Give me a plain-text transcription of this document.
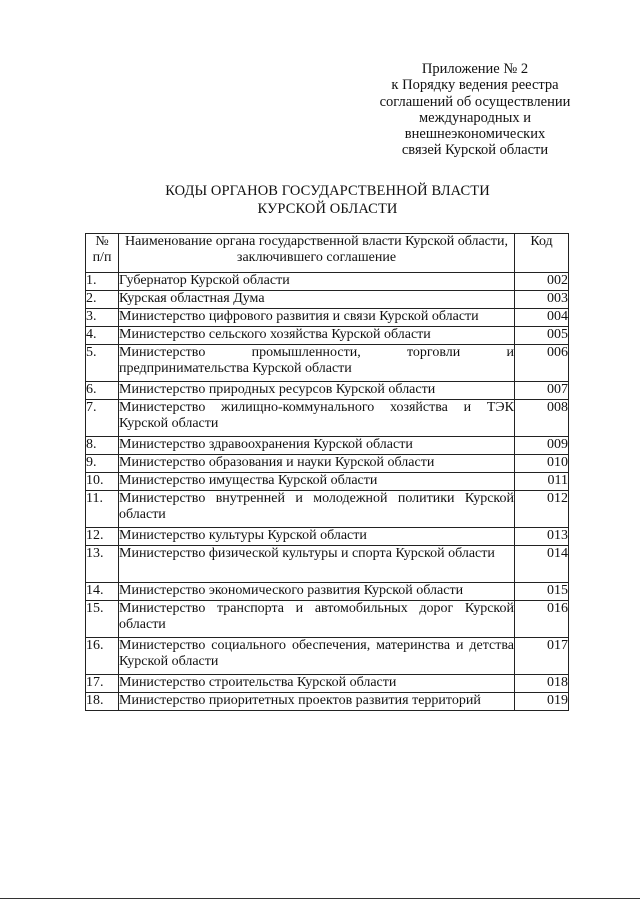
Приложение № 2
к Порядку ведения реестра
соглашений об осуществлении
международных и
внешнеэкономических
связей Курской области
КОДЫ ОРГАНОВ ГОСУДАРСТВЕННОЙ ВЛАСТИ
КУРСКОЙ ОБЛАСТИ
№
п/п	Наименование органа государственной власти Курской области, заключившего соглашение	Код
1.	Губернатор Курской области	002
2.	Курская областная Дума	003
3.	Министерство цифрового развития и связи Курской области	004
4.	Министерство сельского хозяйства Курской области	005
5.	Министерство промышленности, торговли и предпринимательства Курской области	006
6.	Министерство природных ресурсов Курской области	007
7.	Министерство жилищно-коммунального хозяйства и ТЭК Курской области	008
8.	Министерство здравоохранения Курской области	009
9.	Министерство образования и науки Курской области	010
10.	Министерство имущества Курской области	011
11.	Министерство внутренней и молодежной политики Курской области	012
12.	Министерство культуры Курской области	013
13.	Министерство физической культуры и спорта Курской области	014
14.	Министерство экономического развития Курской области	015
15.	Министерство транспорта и автомобильных дорог Курской области	016
16.	Министерство социального обеспечения, материнства и детства Курской области	017
17.	Министерство строительства Курской области	018
18.	Министерство приоритетных проектов развития территорий	019
